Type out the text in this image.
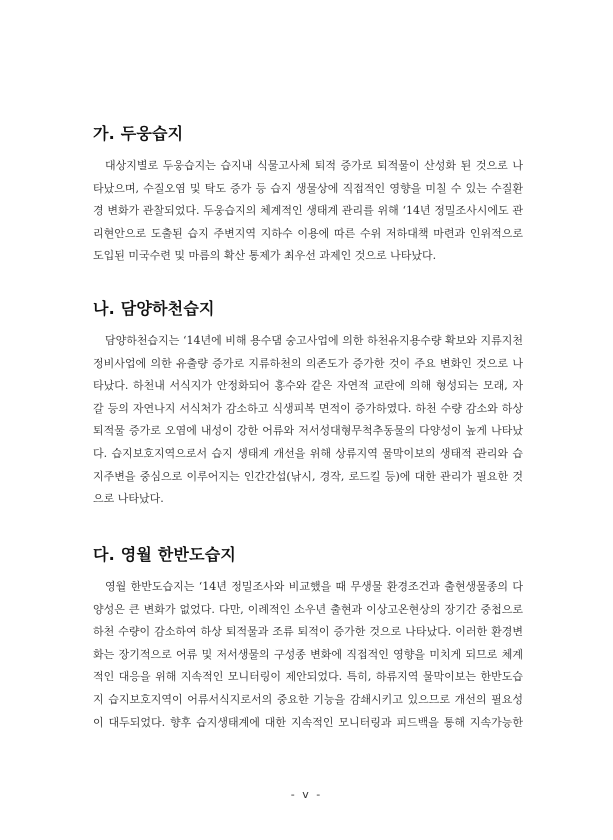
가. 두웅습지
대상지별로 두웅습지는 습지내 식물고사체 퇴적 증가로 퇴적물이 산성화 된 것으로 나
타났으며, 수질오염 및 탁도 증가 등 습지 생물상에 직접적인 영향을 미칠 수 있는 수질환
경 변화가 관찰되었다. 두웅습지의 체계적인 생태계 관리를 위해 ‘14년 정밀조사시에도 관
리현안으로 도출된 습지 주변지역 지하수 이용에 따른 수위 저하대책 마련과 인위적으로
도입된 미국수련 및 마름의 확산 통제가 최우선 과제인 것으로 나타났다.
나. 담양하천습지
담양하천습지는 ‘14년에 비해 용수댐 숭고사업에 의한 하천유지용수량 확보와 지류지천
정비사업에 의한 유출량 증가로 지류하천의 의존도가 증가한 것이 주요 변화인 것으로 나
타났다. 하천내 서식지가 안정화되어 홍수와 같은 자연적 교란에 의해 형성되는 모래, 자
갈 등의 자연나지 서식처가 감소하고 식생피복 면적이 증가하였다. 하천 수량 감소와 하상
퇴적물 증가로 오염에 내성이 강한 어류와 저서성대형무척추동물의 다양성이 높게 나타났
다. 습지보호지역으로서 습지 생태계 개선을 위해 상류지역 물막이보의 생태적 관리와 습
지주변을 중심으로 이루어지는 인간간섭(낚시, 경작, 로드킬 등)에 대한 관리가 필요한 것
으로 나타났다.
다. 영월 한반도습지
영월 한반도습지는 ‘14년 정밀조사와 비교했을 때 무생물 환경조건과 출현생물종의 다
양성은 큰 변화가 없었다. 다만, 이례적인 소우년 출현과 이상고온현상의 장기간 중첩으로
하천 수량이 감소하여 하상 퇴적물과 조류 퇴적이 증가한 것으로 나타났다. 이러한 환경변
화는 장기적으로 어류 및 저서생물의 구성종 변화에 직접적인 영향을 미치게 되므로 체계
적인 대응을 위해 지속적인 모니터링이 제안되었다. 특히, 하류지역 물막이보는 한반도습
지 습지보호지역이 어류서식지로서의 중요한 기능을 감쇄시키고 있으므로 개선의 필요성
이 대두되었다. 향후 습지생태계에 대한 지속적인 모니터링과 피드백을 통해 지속가능한
- v -
